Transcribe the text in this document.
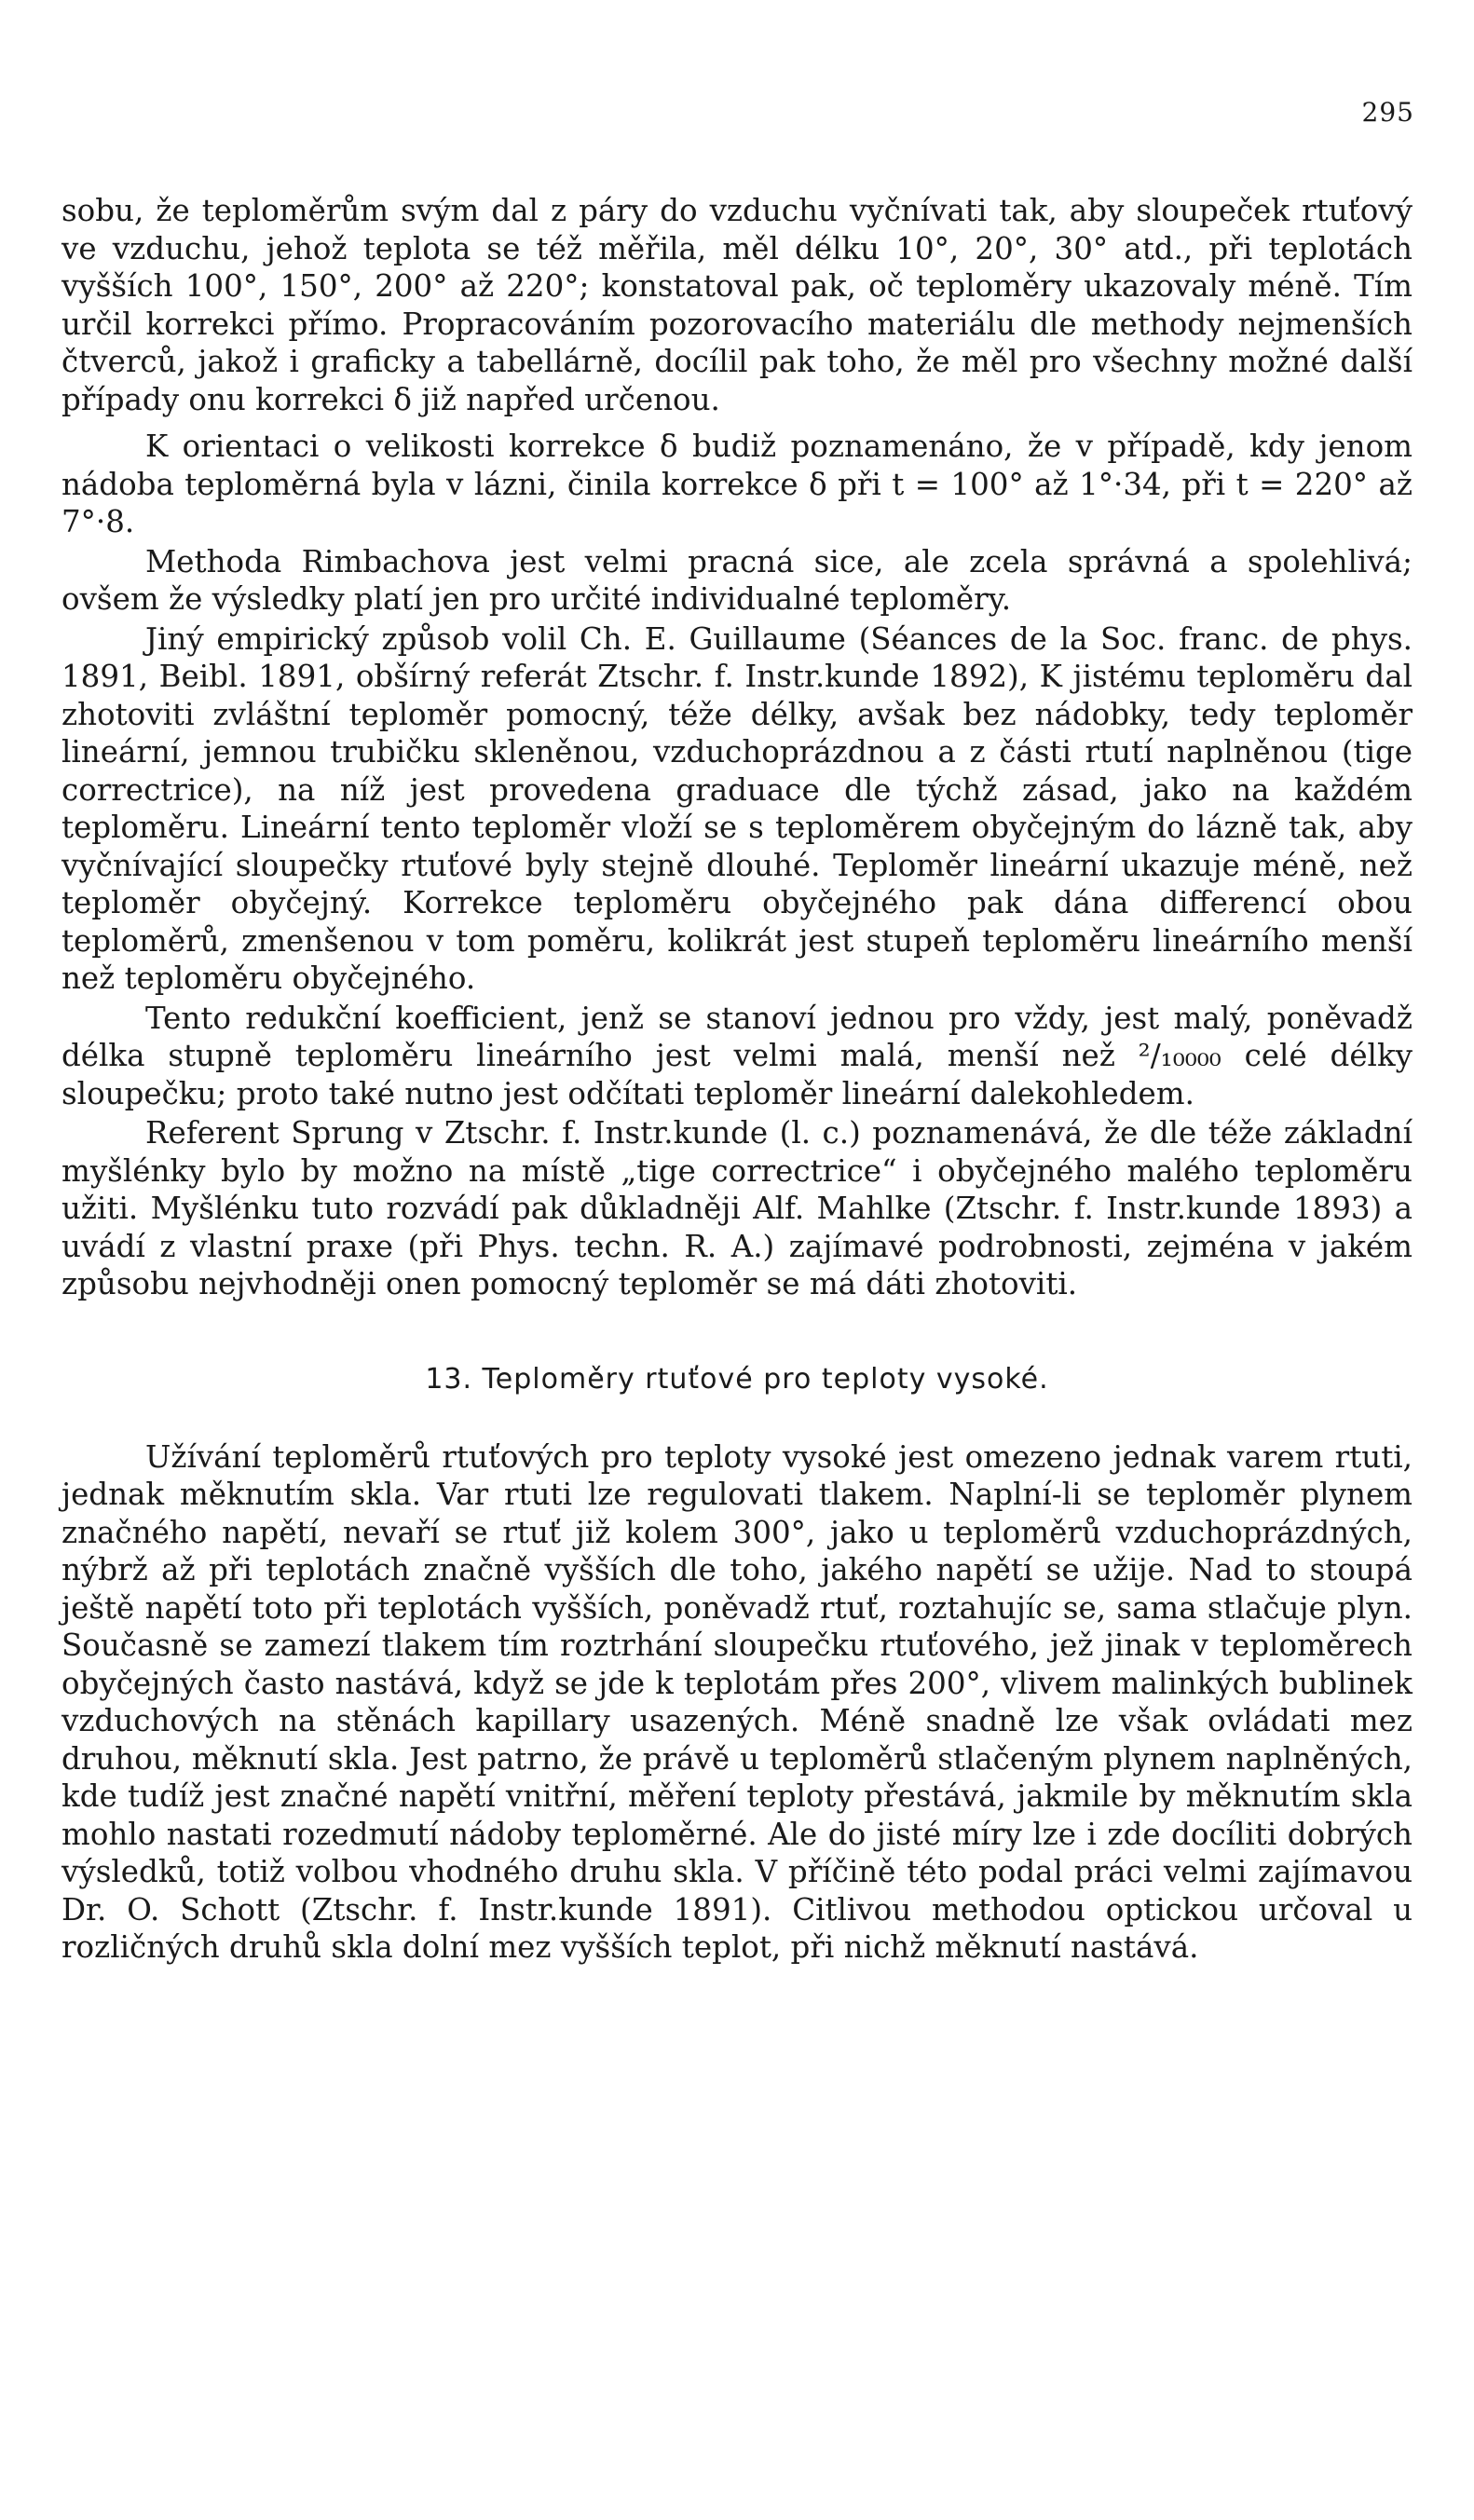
295

sobu, že teploměrům svým dal z páry do vzduchu vyčnívati tak, aby sloupeček rtuťový ve vzduchu, jehož teplota se též měřila, měl délku 10°, 20°, 30° atd., při teplotách vyšších 100°, 150°, 200° až 220°; konstatoval pak, oč teploměry ukazovaly méně. Tím určil korrekci přímo. Propracováním pozorovacího materiálu dle methody nejmenších čtverců, jakož i graficky a tabellárně, docílil pak toho, že měl pro všechny možné další případy onu korrekci δ již napřed určenou.

K orientaci o velikosti korrekce δ budiž poznamenáno, že v případě, kdy jenom nádoba teploměrná byla v lázni, činila korrekce δ při t = 100° až 1°·34, při t = 220° až 7°·8.

Methoda Rimbachova jest velmi pracná sice, ale zcela správná a spolehlivá; ovšem že výsledky platí jen pro určité individualné teploměry.

Jiný empirický způsob volil Ch. E. Guillaume (Séances de la Soc. franc. de phys. 1891, Beibl. 1891, obšírný referát Ztschr. f. Instr.kunde 1892), K jistému teploměru dal zhotoviti zvláštní teploměr pomocný, téže délky, avšak bez nádobky, tedy teploměr lineární, jemnou trubičku skleněnou, vzduchoprázdnou a z části rtutí naplněnou (tige correctrice), na níž jest provedena graduace dle týchž zásad, jako na každém teploměru. Lineární tento teploměr vloží se s teploměrem obyčejným do lázně tak, aby vyčnívající sloupečky rtuťové byly stejně dlouhé. Teploměr lineární ukazuje méně, než teploměr obyčejný. Korrekce teploměru obyčejného pak dána differencí obou teploměrů, zmenšenou v tom poměru, kolikrát jest stupeň teploměru lineárního menší než teploměru obyčejného.

Tento redukční koefficient, jenž se stanoví jednou pro vždy, jest malý, poněvadž délka stupně teploměru lineárního jest velmi malá, menší než ²/₁₀₀₀₀ celé délky sloupečku; proto také nutno jest odčítati teploměr lineární dalekohledem.

Referent Sprung v Ztschr. f. Instr.kunde (l. c.) poznamenává, že dle téže základní myšlénky bylo by možno na místě „tige correctrice“ i obyčejného malého teploměru užiti. Myšlénku tuto rozvádí pak důkladněji Alf. Mahlke (Ztschr. f. Instr.kunde 1893) a uvádí z vlastní praxe (při Phys. techn. R. A.) zajímavé podrobnosti, zejména v jakém způsobu nejvhodněji onen pomocný teploměr se má dáti zhotoviti.

13. Teploměry rtuťové pro teploty vysoké.

Užívání teploměrů rtuťových pro teploty vysoké jest omezeno jednak varem rtuti, jednak měknutím skla. Var rtuti lze regulovati tlakem. Naplní-li se teploměr plynem značného napětí, nevaří se rtuť již kolem 300°, jako u teploměrů vzduchoprázdných, nýbrž až při teplotách značně vyšších dle toho, jakého napětí se užije. Nad to stoupá ještě napětí toto při teplotách vyšších, poněvadž rtuť, roztahujíc se, sama stlačuje plyn. Současně se zamezí tlakem tím roztrhání sloupečku rtuťového, jež jinak v teploměrech obyčejných často nastává, když se jde k teplotám přes 200°, vlivem malinkých bublinek vzduchových na stěnách kapillary usazených. Méně snadně lze však ovládati mez druhou, měknutí skla. Jest patrno, že právě u teploměrů stlačeným plynem naplněných, kde tudíž jest značné napětí vnitřní, měření teploty přestává, jakmile by měknutím skla mohlo nastati rozedmutí nádoby teploměrné. Ale do jisté míry lze i zde docíliti dobrých výsledků, totiž volbou vhodného druhu skla. V příčině této podal práci velmi zajímavou Dr. O. Schott (Ztschr. f. Instr.kunde 1891). Citlivou methodou optickou určoval u rozličných druhů skla dolní mez vyšších teplot, při nichž měknutí nastává.
